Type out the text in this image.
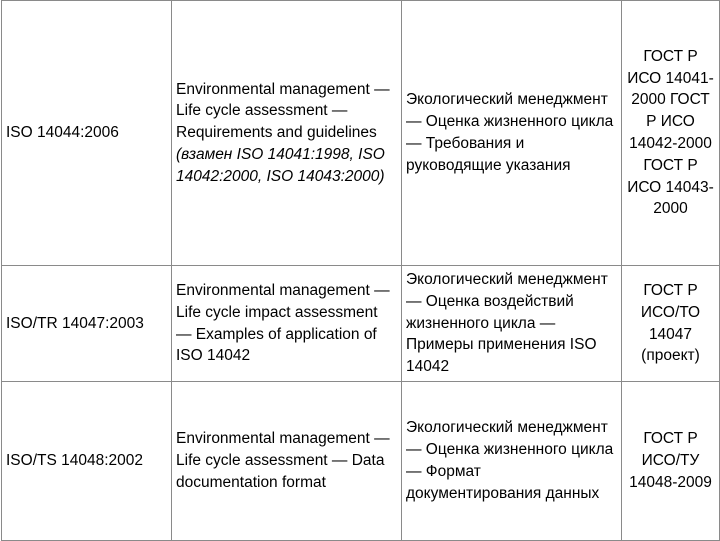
ISO 14044:2006	Environmental management — Life cycle assessment — Requirements and guidelines (взамен ISO 14041:1998, ISO 14042:2000, ISO 14043:2000)	Экологический менеджмент — Оценка жизненного цикла — Требования и руководящие указания	ГОСТ Р ИСО 14041-2000 ГОСТ Р ИСО 14042-2000 ГОСТ Р ИСО 14043-2000
ISO/TR 14047:2003	Environmental management — Life cycle impact assessment — Examples of application of ISO 14042	Экологический менеджмент — Оценка воздействий жизненного цикла — Примеры применения ISO 14042	ГОСТ Р ИСО/ТО 14047 (проект)
ISO/TS 14048:2002	Environmental management — Life cycle assessment — Data documentation format	Экологический менеджмент — Оценка жизненного цикла — Формат документирования данных	ГОСТ Р ИСО/ТУ 14048-2009
